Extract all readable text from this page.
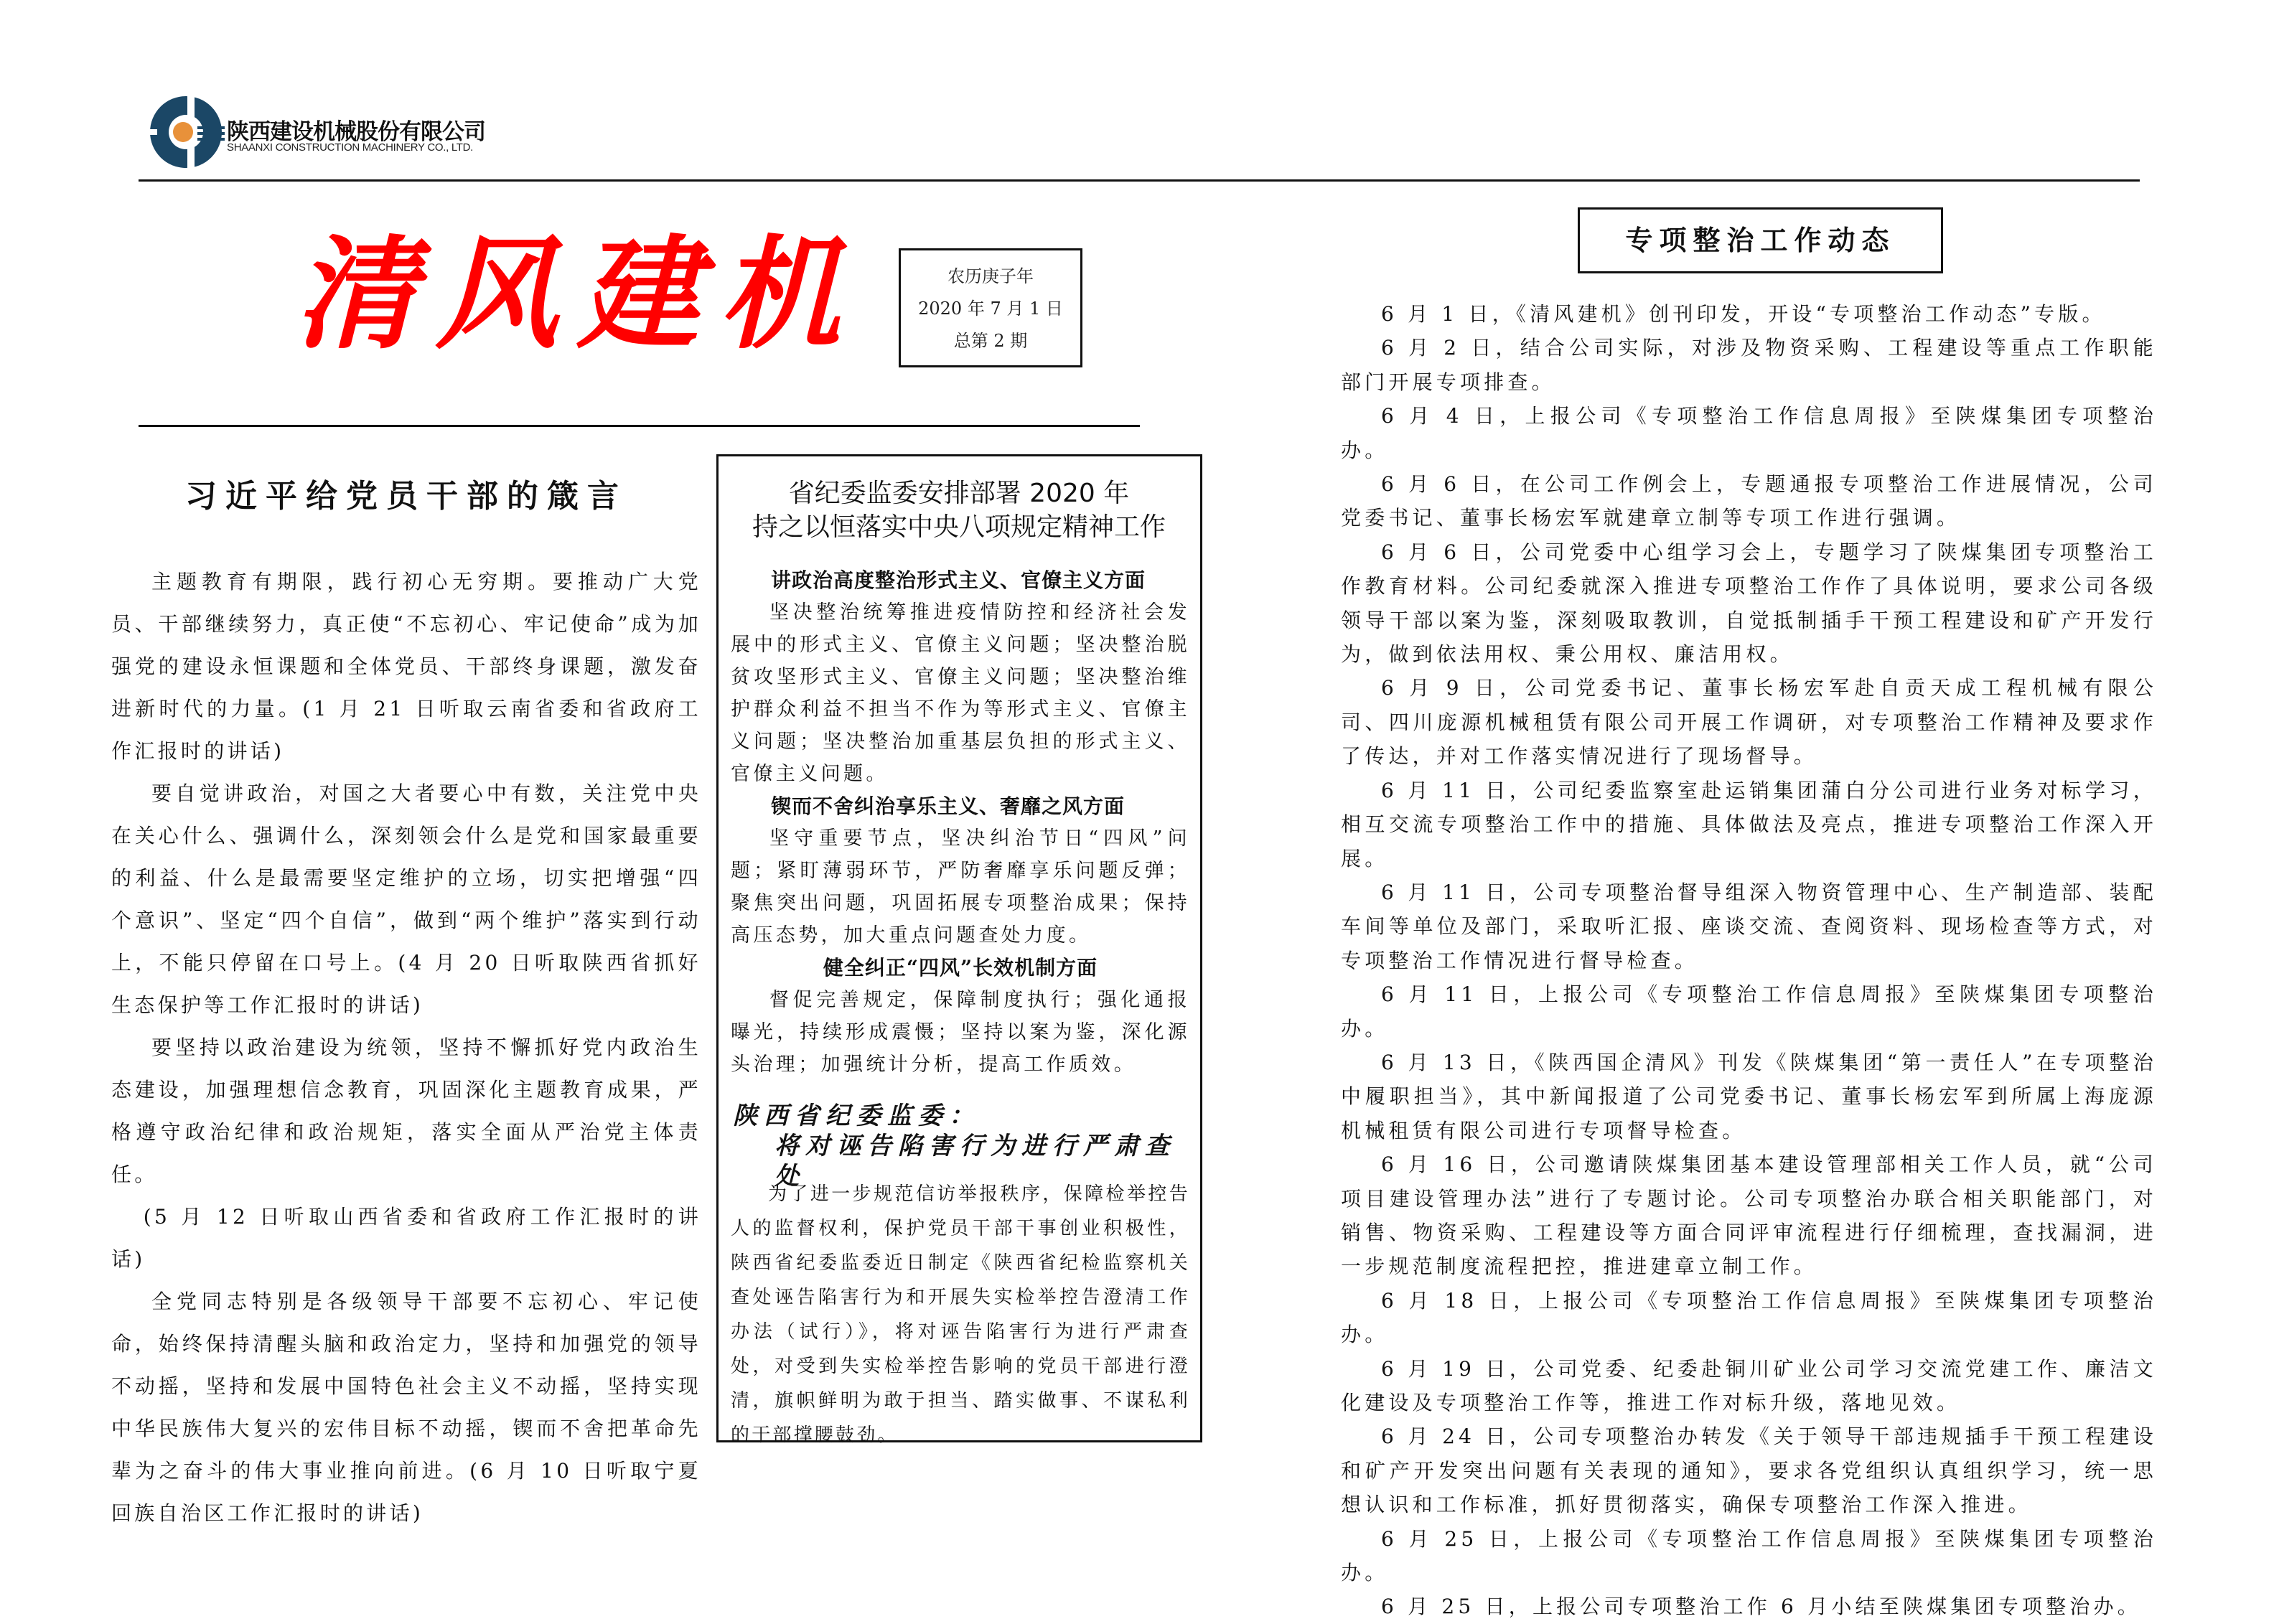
陕西建设机械股份有限公司
SHAANXI CONSTRUCTION MACHINERY CO., LTD.
清风建机	农历庚子年
2020 年 7 月 1 日
总第 2 期
习近平给党员干部的箴言

主题教育有期限，践行初心无穷期。要推动广大党员、干部继续努力，真正使“不忘初心、牢记使命”成为加强党的建设永恒课题和全体党员、干部终身课题，激发奋进新时代的力量。(1 月 21 日听取云南省委和省政府工作汇报时的讲话)

要自觉讲政治，对国之大者要心中有数，关注党中央在关心什么、强调什么，深刻领会什么是党和国家最重要的利益、什么是最需要坚定维护的立场，切实把增强“四个意识”、坚定“四个自信”，做到“两个维护”落实到行动上，不能只停留在口号上。(4 月 20 日听取陕西省抓好生态保护等工作汇报时的讲话)

要坚持以政治建设为统领，坚持不懈抓好党内政治生态建设，加强理想信念教育，巩固深化主题教育成果，严格遵守政治纪律和政治规矩，落实全面从严治党主体责任。

(5 月 12 日听取山西省委和省政府工作汇报时的讲话)

全党同志特别是各级领导干部要不忘初心、牢记使命，始终保持清醒头脑和政治定力，坚持和加强党的领导不动摇，坚持和发展中国特色社会主义不动摇，坚持实现中华民族伟大复兴的宏伟目标不动摇，锲而不舍把革命先辈为之奋斗的伟大事业推向前进。(6 月 10 日听取宁夏回族自治区工作汇报时的讲话)

省纪委监委安排部署 2020 年
持之以恒落实中央八项规定精神工作

讲政治高度整治形式主义、官僚主义方面

坚决整治统筹推进疫情防控和经济社会发展中的形式主义、官僚主义问题；坚决整治脱贫攻坚形式主义、官僚主义问题；坚决整治维护群众利益不担当不作为等形式主义、官僚主义问题；坚决整治加重基层负担的形式主义、官僚主义问题。

锲而不舍纠治享乐主义、奢靡之风方面

坚守重要节点，坚决纠治节日“四风”问题；紧盯薄弱环节，严防奢靡享乐问题反弹；聚焦突出问题，巩固拓展专项整治成果；保持高压态势，加大重点问题查处力度。

健全纠正“四风”长效机制方面

督促完善规定，保障制度执行；强化通报曝光，持续形成震慑；坚持以案为鉴，深化源头治理；加强统计分析，提高工作质效。

陕西省纪委监委：
将对诬告陷害行为进行严肃查处

为了进一步规范信访举报秩序，保障检举控告人的监督权利，保护党员干部干事创业积极性，陕西省纪委监委近日制定《陕西省纪检监察机关查处诬告陷害行为和开展失实检举控告澄清工作办法（试行）》，将对诬告陷害行为进行严肃查处，对受到失实检举控告影响的党员干部进行澄清，旗帜鲜明为敢于担当、踏实做事、不谋私利的干部撑腰鼓劲。

专项整治工作动态

6 月 1 日，《清风建机》创刊印发，开设“专项整治工作动态”专版。

6 月 2 日，结合公司实际，对涉及物资采购、工程建设等重点工作职能部门开展专项排查。

6 月 4 日，上报公司《专项整治工作信息周报》至陕煤集团专项整治办。

6 月 6 日，在公司工作例会上，专题通报专项整治工作进展情况，公司党委书记、董事长杨宏军就建章立制等专项工作进行强调。

6 月 6 日，公司党委中心组学习会上，专题学习了陕煤集团专项整治工作教育材料。公司纪委就深入推进专项整治工作作了具体说明，要求公司各级领导干部以案为鉴，深刻吸取教训，自觉抵制插手干预工程建设和矿产开发行为，做到依法用权、秉公用权、廉洁用权。

6 月 9 日，公司党委书记、董事长杨宏军赴自贡天成工程机械有限公司、四川庞源机械租赁有限公司开展工作调研，对专项整治工作精神及要求作了传达，并对工作落实情况进行了现场督导。

6 月 11 日，公司纪委监察室赴运销集团蒲白分公司进行业务对标学习，相互交流专项整治工作中的措施、具体做法及亮点，推进专项整治工作深入开展。

6 月 11 日，公司专项整治督导组深入物资管理中心、生产制造部、装配车间等单位及部门，采取听汇报、座谈交流、查阅资料、现场检查等方式，对专项整治工作情况进行督导检查。

6 月 11 日，上报公司《专项整治工作信息周报》至陕煤集团专项整治办。

6 月 13 日，《陕西国企清风》刊发《陕煤集团“第一责任人”在专项整治中履职担当》，其中新闻报道了公司党委书记、董事长杨宏军到所属上海庞源机械租赁有限公司进行专项督导检查。

6 月 16 日，公司邀请陕煤集团基本建设管理部相关工作人员，就“公司项目建设管理办法”进行了专题讨论。公司专项整治办联合相关职能部门，对销售、物资采购、工程建设等方面合同评审流程进行仔细梳理，查找漏洞，进一步规范制度流程把控，推进建章立制工作。

6 月 18 日，上报公司《专项整治工作信息周报》至陕煤集团专项整治办。

6 月 19 日，公司党委、纪委赴铜川矿业公司学习交流党建工作、廉洁文化建设及专项整治工作等，推进工作对标升级，落地见效。

6 月 24 日，公司专项整治办转发《关于领导干部违规插手干预工程建设和矿产开发突出问题有关表现的通知》，要求各党组织认真组织学习，统一思想认识和工作标准，抓好贯彻落实，确保专项整治工作深入推进。

6 月 25 日，上报公司《专项整治工作信息周报》至陕煤集团专项整治办。

6 月 25 日，上报公司专项整治工作 6 月小结至陕煤集团专项整治办。
